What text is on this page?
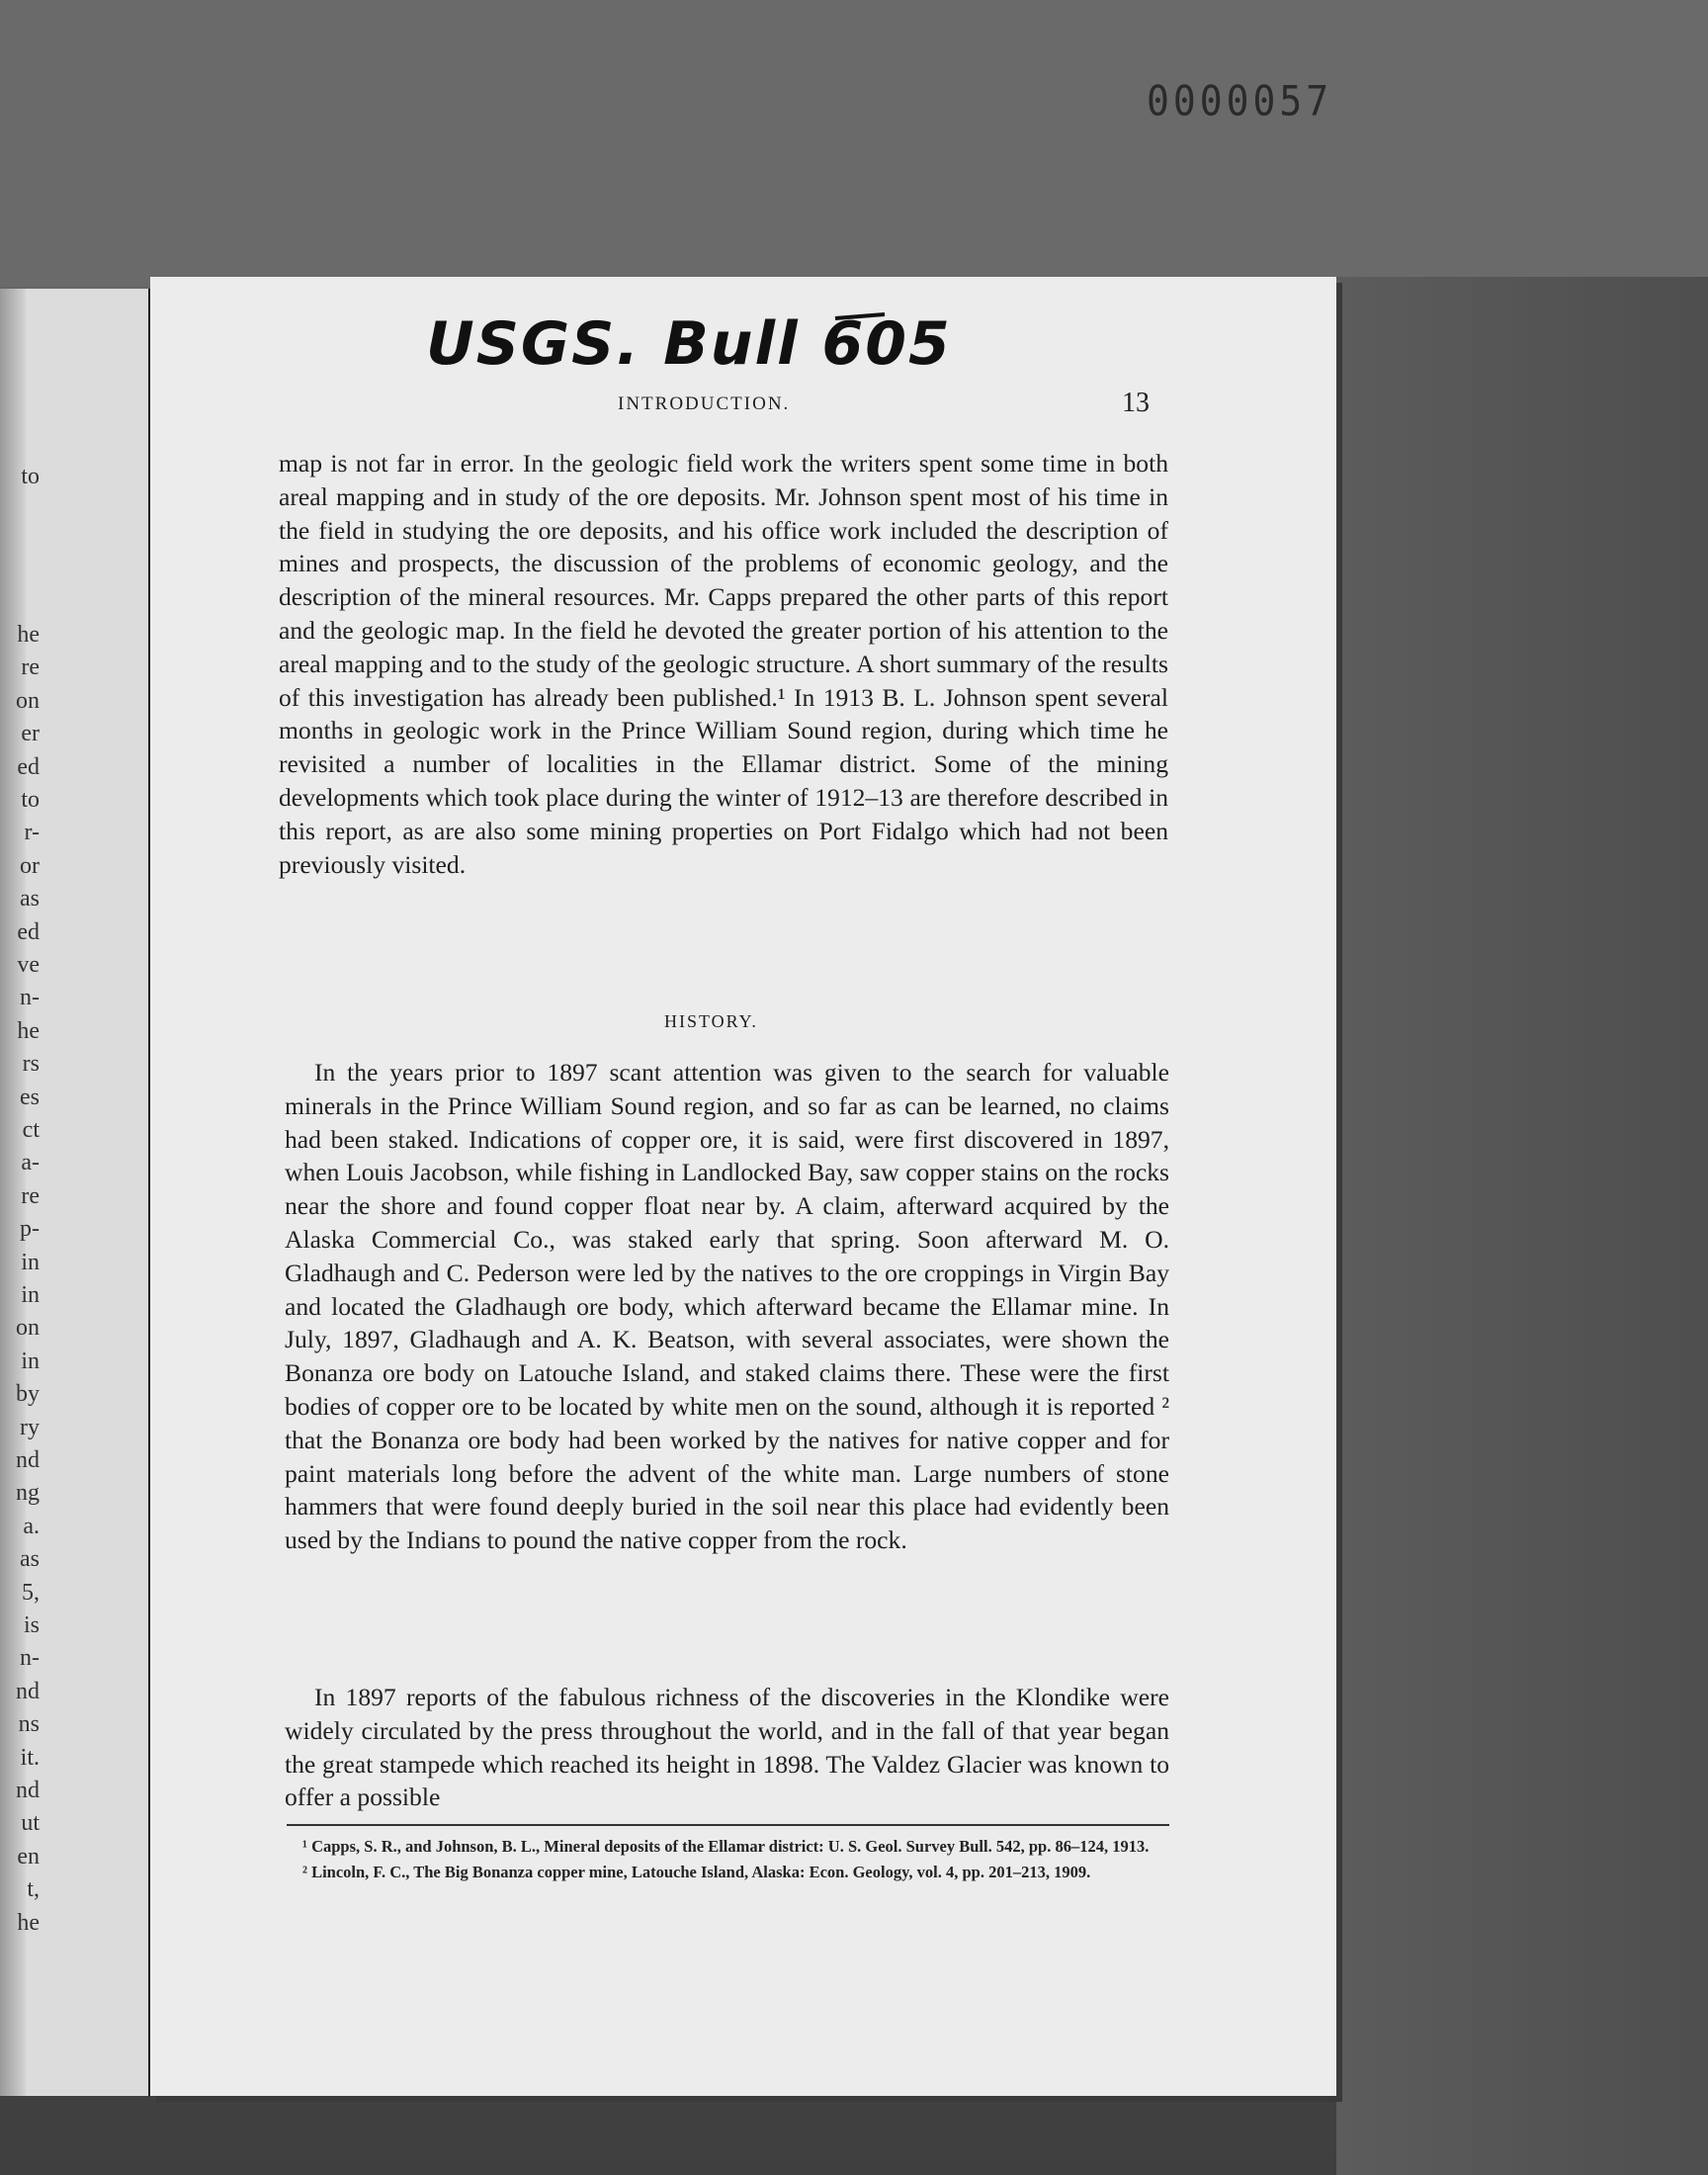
0000057
to
he
re
on
er
ed
to
r-
or
as
ed
ve
n-
he
rs
es
ct
a-
re
p-
in
in
on
in
by
ry
nd
ng
a.
as
5,
is
n-
nd
ns
it.
nd
ut
en
t,
he
USGS. Bull 605
INTRODUCTION.	13

map is not far in error. In the geologic field work the writers spent some time in both areal mapping and in study of the ore deposits. Mr. Johnson spent most of his time in the field in studying the ore deposits, and his office work included the description of mines and prospects, the discussion of the problems of economic geology, and the description of the mineral resources. Mr. Capps prepared the other parts of this report and the geologic map. In the field he devoted the greater portion of his attention to the areal mapping and to the study of the geologic structure. A short summary of the results of this investigation has already been published.¹ In 1913 B. L. Johnson spent several months in geologic work in the Prince William Sound region, during which time he revisited a number of localities in the Ellamar district. Some of the mining developments which took place during the winter of 1912–13 are therefore described in this report, as are also some mining properties on Port Fidalgo which had not been previously visited.

HISTORY.

In the years prior to 1897 scant attention was given to the search for valuable minerals in the Prince William Sound region, and so far as can be learned, no claims had been staked. Indications of copper ore, it is said, were first discovered in 1897, when Louis Jacobson, while fishing in Landlocked Bay, saw copper stains on the rocks near the shore and found copper float near by. A claim, afterward acquired by the Alaska Commercial Co., was staked early that spring. Soon afterward M. O. Gladhaugh and C. Pederson were led by the natives to the ore croppings in Virgin Bay and located the Gladhaugh ore body, which afterward became the Ellamar mine. In July, 1897, Gladhaugh and A. K. Beatson, with several associates, were shown the Bonanza ore body on Latouche Island, and staked claims there. These were the first bodies of copper ore to be located by white men on the sound, although it is reported ² that the Bonanza ore body had been worked by the natives for native copper and for paint materials long before the advent of the white man. Large numbers of stone hammers that were found deeply buried in the soil near this place had evidently been used by the Indians to pound the native copper from the rock.

In 1897 reports of the fabulous richness of the discoveries in the Klondike were widely circulated by the press throughout the world, and in the fall of that year began the great stampede which reached its height in 1898. The Valdez Glacier was known to offer a possible

¹ Capps, S. R., and Johnson, B. L., Mineral deposits of the Ellamar district: U. S. Geol. Survey Bull. 542, pp. 86–124, 1913.

² Lincoln, F. C., The Big Bonanza copper mine, Latouche Island, Alaska: Econ. Geology, vol. 4, pp. 201–213, 1909.
